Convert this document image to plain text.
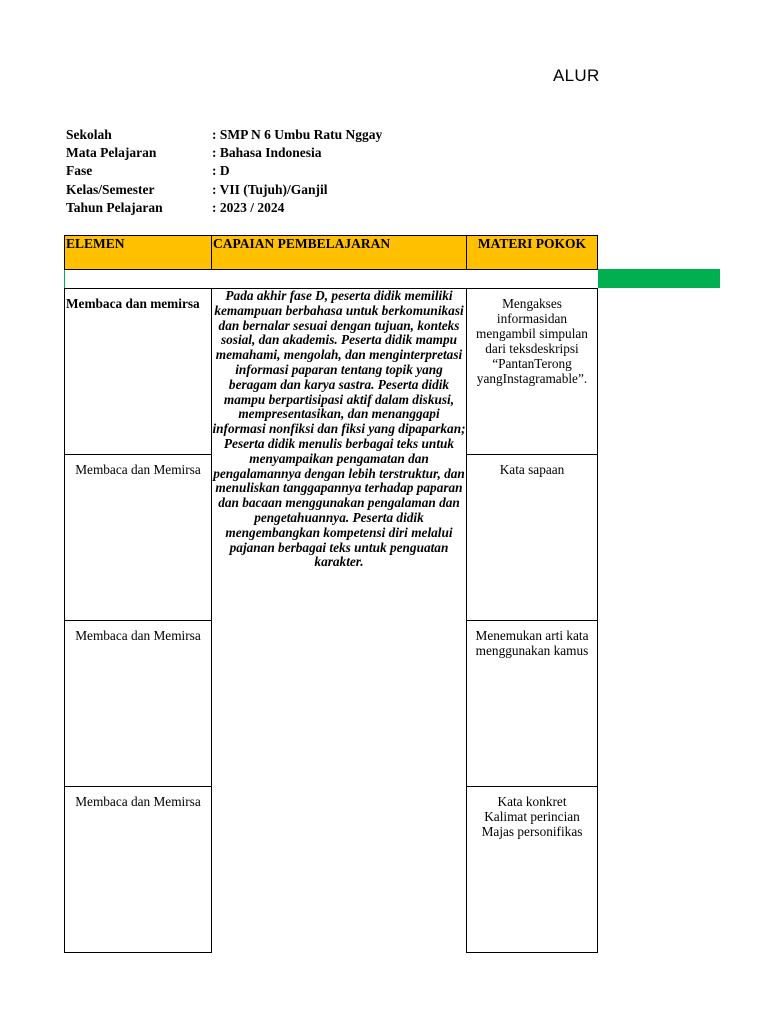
ALUR
Sekolah	: SMP N 6 Umbu Ratu Nggay
Mata Pelajaran	: Bahasa Indonesia
Fase	: D
Kelas/Semester	: VII (Tujuh)/Ganjil
Tahun Pelajaran	: 2023 / 2024
ELEMEN	CAPAIAN PEMBELAJARAN	MATERI POKOK

Membaca dan memirsa	Pada akhir fase D, peserta didik memiliki kemampuan berbahasa untuk berkomunikasi dan bernalar sesuai dengan tujuan, konteks sosial, dan akademis. Peserta didik mampu memahami, mengolah, dan menginterpretasi informasi paparan tentang topik yang beragam dan karya sastra. Peserta didik mampu berpartisipasi aktif dalam diskusi, mempresentasikan, dan menanggapi informasi nonfiksi dan fiksi yang dipaparkan; Peserta didik menulis berbagai teks untuk menyampaikan pengamatan dan pengalamannya dengan lebih terstruktur, dan menuliskan tanggapannya terhadap paparan dan bacaan menggunakan pengalaman dan pengetahuannya. Peserta didik mengembangkan kompetensi diri melalui pajanan berbagai teks untuk penguatan karakter.	Mengakses informasidan mengambil simpulan dari teksdeskripsi “PantanTerong yangInstagramable”.
Membaca dan Memirsa		Kata sapaan
Membaca dan Memirsa		Menemukan arti kata menggunakan kamus
Membaca dan Memirsa		Kata konkret
Kalimat perincian
Majas personifikas
